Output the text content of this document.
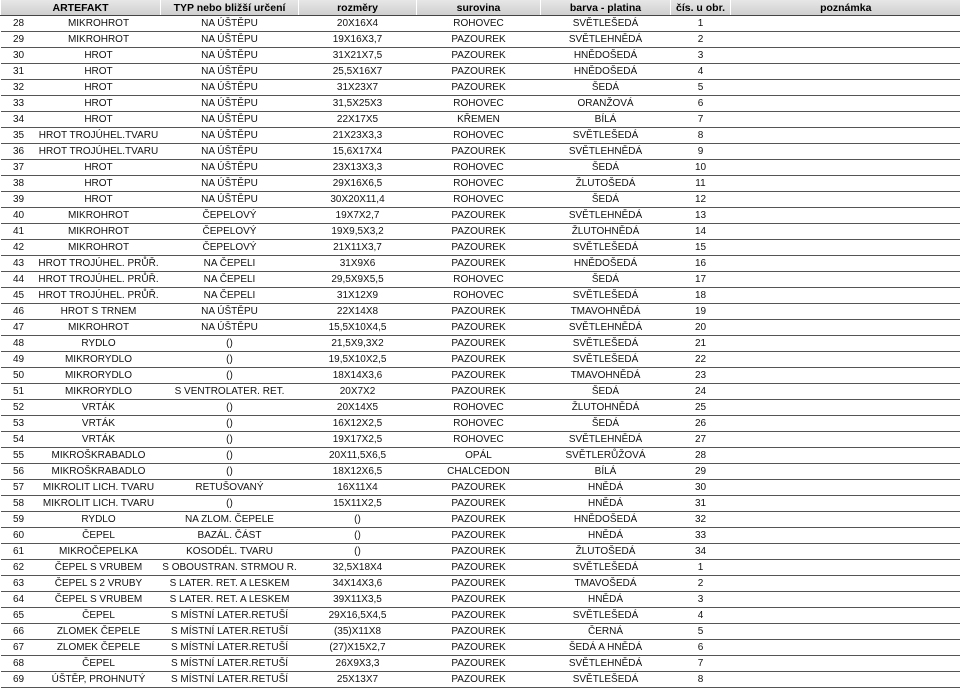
ARTEFAKT		TYP nebo bližší určení	rozměry	surovina	barva - platina	čís. u obr.	poznámka
28	MIKROHROT	NA ÚŠTĚPU	20X16X4	ROHOVEC	SVĚTLEŠEDÁ	1	
29	MIKROHROT	NA ÚŠTĚPU	19X16X3,7	PAZOUREK	SVĚTLEHNĚDÁ	2	
30	HROT	NA ÚŠTĚPU	31X21X7,5	PAZOUREK	HNĚDOŠEDÁ	3	
31	HROT	NA ÚŠTĚPU	25,5X16X7	PAZOUREK	HNĚDOŠEDÁ	4	
32	HROT	NA ÚŠTĚPU	31X23X7	PAZOUREK	ŠEDÁ	5	
33	HROT	NA ÚŠTĚPU	31,5X25X3	ROHOVEC	ORANŽOVÁ	6	
34	HROT	NA ÚŠTĚPU	22X17X5	KŘEMEN	BÍLÁ	7	
35	HROT TROJÚHEL.TVARU	NA ÚŠTĚPU	21X23X3,3	ROHOVEC	SVĚTLEŠEDÁ	8	
36	HROT TROJÚHEL.TVARU	NA ÚŠTĚPU	15,6X17X4	PAZOUREK	SVĚTLEHNĚDÁ	9	
37	HROT	NA ÚŠTĚPU	23X13X3,3	ROHOVEC	ŠEDÁ	10	
38	HROT	NA ÚŠTĚPU	29X16X6,5	ROHOVEC	ŽLUTOŠEDÁ	11	
39	HROT	NA ÚŠTĚPU	30X20X11,4	ROHOVEC	ŠEDÁ	12	
40	MIKROHROT	ČEPELOVÝ	19X7X2,7	PAZOUREK	SVĚTLEHNĚDÁ	13	
41	MIKROHROT	ČEPELOVÝ	19X9,5X3,2	PAZOUREK	ŽLUTOHNĚDÁ	14	
42	MIKROHROT	ČEPELOVÝ	21X11X3,7	PAZOUREK	SVĚTLEŠEDÁ	15	
43	HROT TROJÚHEL. PRŮŘ.	NA ČEPELI	31X9X6	PAZOUREK	HNĚDOŠEDÁ	16	
44	HROT TROJÚHEL. PRŮŘ.	NA ČEPELI	29,5X9X5,5	ROHOVEC	ŠEDÁ	17	
45	HROT TROJÚHEL. PRŮŘ.	NA ČEPELI	31X12X9	ROHOVEC	SVĚTLEŠEDÁ	18	
46	HROT S TRNEM	NA ÚŠTĚPU	22X14X8	PAZOUREK	TMAVOHNĚDÁ	19	
47	MIKROHROT	NA ÚŠTĚPU	15,5X10X4,5	PAZOUREK	SVĚTLEHNĚDÁ	20	
48	RYDLO	()	21,5X9,3X2	PAZOUREK	SVĚTLEŠEDÁ	21	
49	MIKRORYDLO	()	19,5X10X2,5	PAZOUREK	SVĚTLEŠEDÁ	22	
50	MIKRORYDLO	()	18X14X3,6	PAZOUREK	TMAVOHNĚDÁ	23	
51	MIKRORYDLO	S VENTROLATER. RET.	20X7X2	PAZOUREK	ŠEDÁ	24	
52	VRTÁK	()	20X14X5	ROHOVEC	ŽLUTOHNĚDÁ	25	
53	VRTÁK	()	16X12X2,5	ROHOVEC	ŠEDÁ	26	
54	VRTÁK	()	19X17X2,5	ROHOVEC	SVĚTLEHNĚDÁ	27	
55	MIKROŠKRABADLO	()	20X11,5X6,5	OPÁL	SVĚTLERŮŽOVÁ	28	
56	MIKROŠKRABADLO	()	18X12X6,5	CHALCEDON	BÍLÁ	29	
57	MIKROLIT LICH. TVARU	RETUŠOVANÝ	16X11X4	PAZOUREK	HNĚDÁ	30	
58	MIKROLIT LICH. TVARU	()	15X11X2,5	PAZOUREK	HNĚDÁ	31	
59	RYDLO	NA ZLOM. ČEPELE	()	PAZOUREK	HNĚDOŠEDÁ	32	
60	ČEPEL	BAZÁL. ČÁST	()	PAZOUREK	HNĚDÁ	33	
61	MIKROČEPELKA	KOSODÉL. TVARU	()	PAZOUREK	ŽLUTOŠEDÁ	34	
62	ČEPEL S VRUBEM	S OBOUSTRAN. STRMOU R.	32,5X18X4	PAZOUREK	SVĚTLEŠEDÁ	1	
63	ČEPEL S 2 VRUBY	S LATER. RET. A LESKEM	34X14X3,6	PAZOUREK	TMAVOŠEDÁ	2	
64	ČEPEL S VRUBEM	S LATER. RET. A LESKEM	39X11X3,5	PAZOUREK	HNĚDÁ	3	
65	ČEPEL	S MÍSTNÍ LATER.RETUŠÍ	29X16,5X4,5	PAZOUREK	SVĚTLEŠEDÁ	4	
66	ZLOMEK ČEPELE	S MÍSTNÍ LATER.RETUŠÍ	(35)X11X8	PAZOUREK	ČERNÁ	5	
67	ZLOMEK ČEPELE	S MÍSTNÍ LATER.RETUŠÍ	(27)X15X2,7	PAZOUREK	ŠEDÁ A HNĚDÁ	6	
68	ČEPEL	S MÍSTNÍ LATER.RETUŠÍ	26X9X3,3	PAZOUREK	SVĚTLEHNĚDÁ	7	
69	ÚŠTĚP, PROHNUTÝ	S MÍSTNÍ LATER.RETUŠÍ	25X13X7	PAZOUREK	SVĚTLEŠEDÁ	8	
